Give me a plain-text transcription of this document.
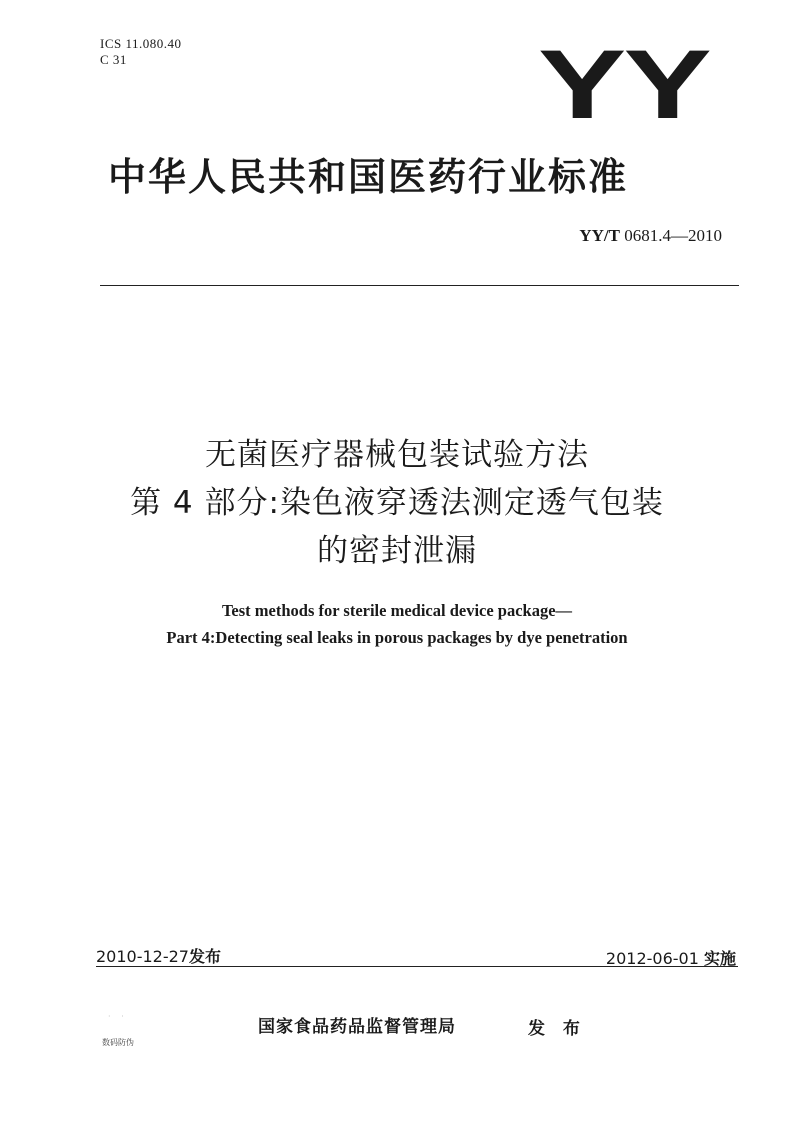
ICS 11.080.40
C 31	YY
中华人民共和国医药行业标准
YY/T 0681.4—2010
无菌医疗器械包装试验方法
第 4 部分:染色液穿透法测定透气包装
的密封泄漏
Test methods for sterile medical device package—
Part 4:Detecting seal leaks in porous packages by dye penetration
2010-12-27发布	2012-06-01 实施
· ·
数码防伪
国家食品药品监督管理局	发 布
